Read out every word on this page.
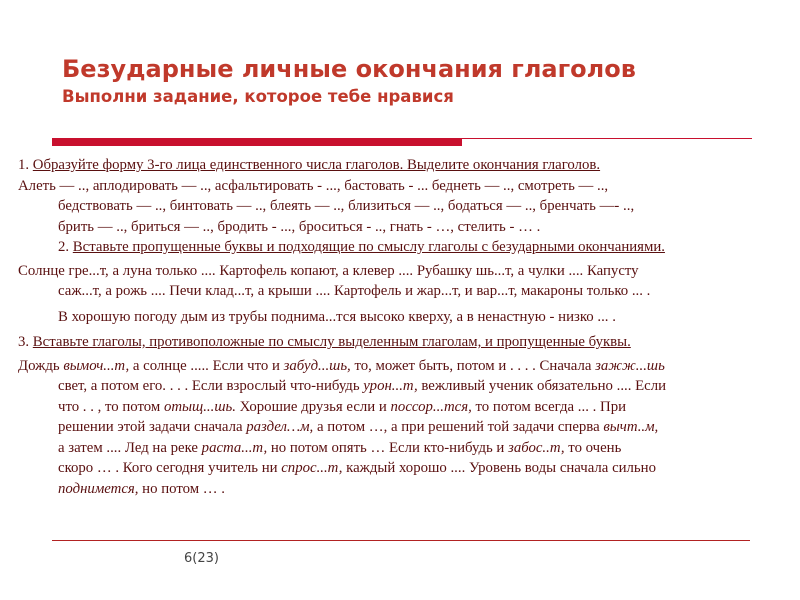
Безударные личные окончания глаголов
Выполни задание, которое тебе нравися

1. Образуйте форму 3-го лица единственного числа глаголов. Выделите окончания глаголов.

Алеть — .., аплодировать — .., асфальтировать - ..., бастовать - ... беднеть — .., смотреть — ..,

бедствовать — .., бинтовать — .., блеять — .., близиться — .., бодаться — .., бренчать —- ..,

брить — .., бриться — .., бродить - ..., броситься - .., гнать - …, стелить - … .

2. Вставьте пропущенные буквы и подходящие по смыслу глаголы с безударными окончаниями.

Солнце гре...т, а луна только .... Картофель копают, а клевер .... Рубашку шь...т, а чулки .... Капусту

саж...т, а рожь .... Печи клад...т, а крыши .... Картофель и жар...т, и вар...т, макароны только ... .

В хорошую погоду дым из трубы поднима...тся высоко кверху, а в ненастную - низко ... .

3. Вставьте глаголы, противоположные по смыслу выделенным глаголам, и пропущенные буквы.

Дождь вымоч...т, а солнце ..... Если что и забуд...шь, то, может быть, потом и . . . . Сначала зажж...шь

свет, а потом его. . . . Если взрослый что-нибудь урон...т, вежливый ученик обязательно .... Если

что . . , то потом отыщ...шь. Хорошие друзья если и поссор...тся, то потом всегда ... . При

решении этой задачи сначала раздел…м, а потом …, а при решений той задачи сперва вычт..м,

а затем .... Лед на реке раста...т, но потом опять … Если кто-нибудь и забос..т, то очень

скоро … . Кого сегодня учитель ни спрос...т, каждый хорошо .... Уровень воды сначала сильно

поднимется, но потом … .

6(23)
